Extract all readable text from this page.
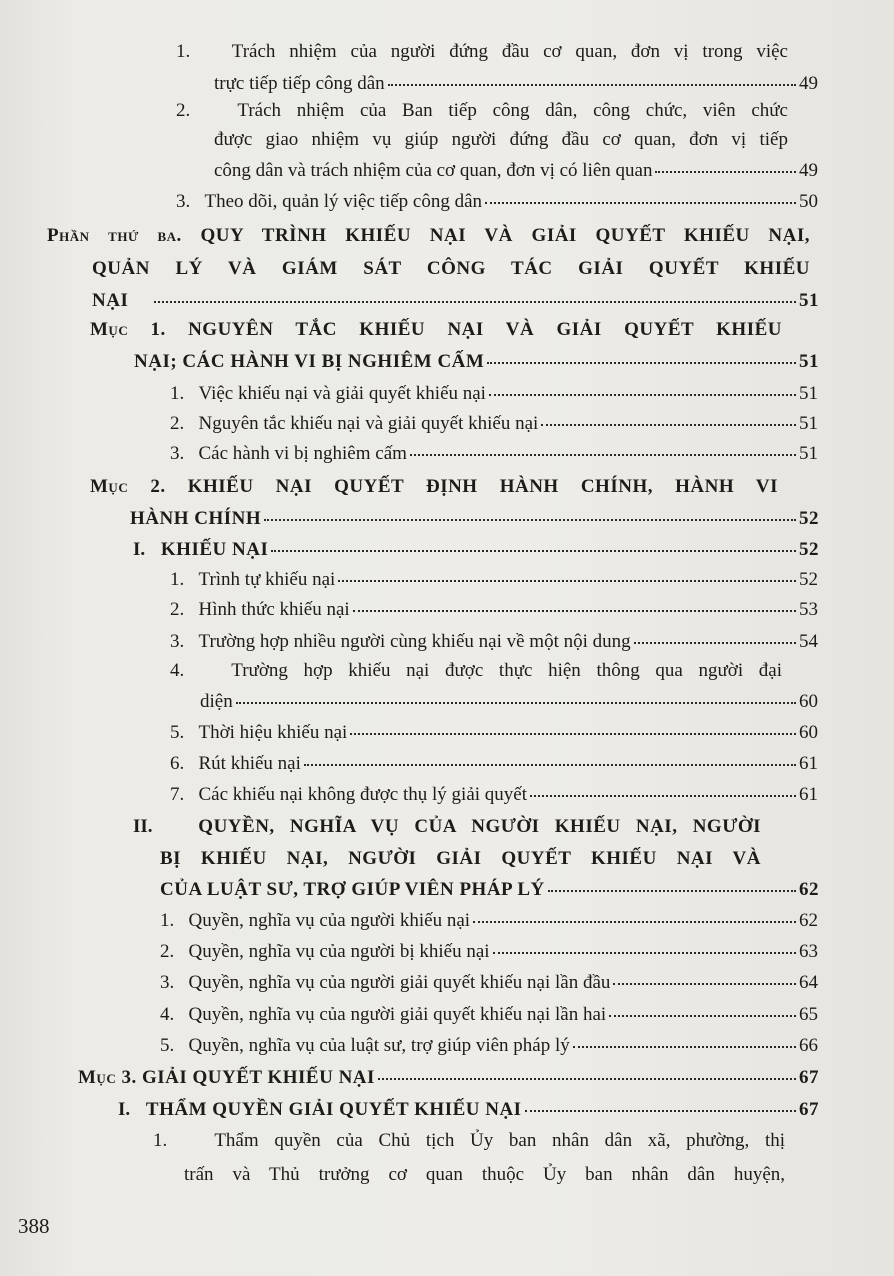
1. Trách nhiệm của người đứng đầu cơ quan, đơn vị trong việc
trực tiếp tiếp công dân	49
2. Trách nhiệm của Ban tiếp công dân, công chức, viên chức
được giao nhiệm vụ giúp người đứng đầu cơ quan, đơn vị tiếp
công dân và trách nhiệm của cơ quan, đơn vị có liên quan	49
3.
Theo dõi, quản lý việc tiếp công dân	50
Phần thứ ba. QUY TRÌNH KHIẾU NẠI VÀ GIẢI QUYẾT KHIẾU NẠI,
QUẢN LÝ VÀ GIÁM SÁT CÔNG TÁC GIẢI QUYẾT KHIẾU
NẠI	51
Mục 1. NGUYÊN TẮC KHIẾU NẠI VÀ GIẢI QUYẾT KHIẾU
NẠI; CÁC HÀNH VI BỊ NGHIÊM CẤM	51
1.
Việc khiếu nại và giải quyết khiếu nại	51
2.
Nguyên tắc khiếu nại và giải quyết khiếu nại	51
3.
Các hành vi bị nghiêm cấm	51
Mục 2. KHIẾU NẠI QUYẾT ĐỊNH HÀNH CHÍNH, HÀNH VI
HÀNH CHÍNH	52
I.
KHIẾU NẠI	52
1.
Trình tự khiếu nại	52
2.
Hình thức khiếu nại	53
3.
Trường hợp nhiều người cùng khiếu nại về một nội dung	54
4. Trường hợp khiếu nại được thực hiện thông qua người đại
diện	60
5.
Thời hiệu khiếu nại	60
6.
Rút khiếu nại	61
7.
Các khiếu nại không được thụ lý giải quyết	61
II. QUYỀN, NGHĨA VỤ CỦA NGƯỜI KHIẾU NẠI, NGƯỜI
BỊ KHIẾU NẠI, NGƯỜI GIẢI QUYẾT KHIẾU NẠI VÀ
CỦA LUẬT SƯ, TRỢ GIÚP VIÊN PHÁP LÝ	62
1.
Quyền, nghĩa vụ của người khiếu nại	62
2.
Quyền, nghĩa vụ của người bị khiếu nại	63
3.
Quyền, nghĩa vụ của người giải quyết khiếu nại lần đầu	64
4.
Quyền, nghĩa vụ của người giải quyết khiếu nại lần hai	65
5.
Quyền, nghĩa vụ của luật sư, trợ giúp viên pháp lý	66
Mục 3. GIẢI QUYẾT KHIẾU NẠI	67
I.
THẨM QUYỀN GIẢI QUYẾT KHIẾU NẠI	67
1. Thẩm quyền của Chủ tịch Ủy ban nhân dân xã, phường, thị
trấn và Thủ trưởng cơ quan thuộc Ủy ban nhân dân huyện,
388
